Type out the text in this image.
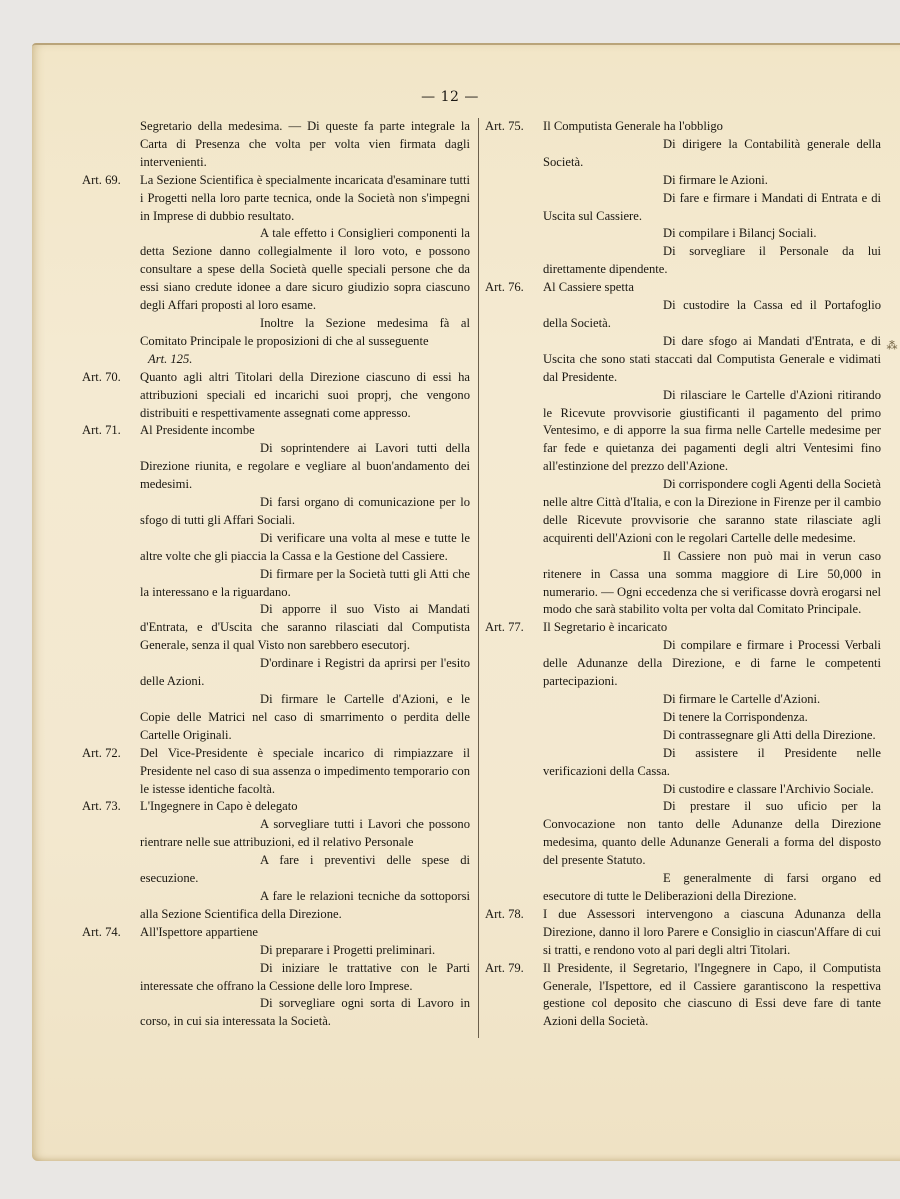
— 12 —
Segretario della medesima. — Di queste fa parte integrale la Carta di Presenza che volta per volta vien firmata dagli intervenienti.
Art. 69.	La Sezione Scientifica è specialmente incaricata d'esaminare tutti i Progetti nella loro parte tecnica, onde la Società non s'impegni in Imprese di dubbio resultato.
A tale effetto i Consiglieri componenti la detta Sezione danno collegialmente il loro voto, e possono consultare a spese della Società quelle speciali persone che da essi siano credute idonee a dare sicuro giudizio sopra ciascuno degli Affari proposti al loro esame.
Inoltre la Sezione medesima fà al Comitato Principale le proposizioni di che al susseguente
Art. 125.
Art. 70.	Quanto agli altri Titolari della Direzione ciascuno di essi ha attribuzioni speciali ed incarichi suoi proprj, che vengono distribuiti e respettivamente assegnati come appresso.
Art. 71.	Al Presidente incombe
Di soprintendere ai Lavori tutti della Direzione riunita, e regolare e vegliare al buon'andamento dei medesimi.
Di farsi organo di comunicazione per lo sfogo di tutti gli Affari Sociali.
Di verificare una volta al mese e tutte le altre volte che gli piaccia la Cassa e la Gestione del Cassiere.
Di firmare per la Società tutti gli Atti che la interessano e la riguardano.
Di apporre il suo Visto ai Mandati d'Entrata, e d'Uscita che saranno rilasciati dal Computista Generale, senza il qual Visto non sarebbero esecutorj.
D'ordinare i Registri da aprirsi per l'esito delle Azioni.
Di firmare le Cartelle d'Azioni, e le Copie delle Matrici nel caso di smarrimento o perdita delle Cartelle Originali.
Art. 72.	Del Vice-Presidente è speciale incarico di rimpiazzare il Presidente nel caso di sua assenza o impedimento temporario con le istesse identiche facoltà.
Art. 73.	L'Ingegnere in Capo è delegato
A sorvegliare tutti i Lavori che possono rientrare nelle sue attribuzioni, ed il relativo Personale
A fare i preventivi delle spese di esecuzione.
A fare le relazioni tecniche da sottoporsi alla Sezione Scientifica della Direzione.
Art. 74.	All'Ispettore appartiene
Di preparare i Progetti preliminari.
Di iniziare le trattative con le Parti interessate che offrano la Cessione delle loro Imprese.
Di sorvegliare ogni sorta di Lavoro in corso, in cui sia interessata la Società.
Art. 75.	Il Computista Generale ha l'obbligo
Di dirigere la Contabilità generale della Società.
Di firmare le Azioni.
Di fare e firmare i Mandati di Entrata e di Uscita sul Cassiere.
Di compilare i Bilancj Sociali.
Di sorvegliare il Personale da lui direttamente dipendente.
Art. 76.	Al Cassiere spetta
Di custodire la Cassa ed il Portafoglio della Società.
Di dare sfogo ai Mandati d'Entrata, e di Uscita che sono stati staccati dal Computista Generale e vidimati dal Presidente.
Di rilasciare le Cartelle d'Azioni ritirando le Ricevute provvisorie giustificanti il pagamento del primo Ventesimo, e di apporre la sua firma nelle Cartelle medesime per far fede e quietanza dei pagamenti degli altri Ventesimi fino all'estinzione del prezzo dell'Azione.
Di corrispondere cogli Agenti della Società nelle altre Città d'Italia, e con la Direzione in Firenze per il cambio delle Ricevute provvisorie che saranno state rilasciate agli acquirenti dell'Azioni con le regolari Cartelle delle medesime.
Il Cassiere non può mai in verun caso ritenere in Cassa una somma maggiore di Lire 50,000 in numerario. — Ogni eccedenza che si verificasse dovrà erogarsi nel modo che sarà stabilito volta per volta dal Comitato Principale.
Art. 77.	Il Segretario è incaricato
Di compilare e firmare i Processi Verbali delle Adunanze della Direzione, e di farne le competenti partecipazioni.
Di firmare le Cartelle d'Azioni.
Di tenere la Corrispondenza.
Di contrassegnare gli Atti della Direzione.
Di assistere il Presidente nelle verificazioni della Cassa.
Di custodire e classare l'Archivio Sociale.
Di prestare il suo uficio per la Convocazione non tanto delle Adunanze della Direzione medesima, quanto delle Adunanze Generali a forma del disposto del presente Statuto.
E generalmente di farsi organo ed esecutore di tutte le Deliberazioni della Direzione.
Art. 78.	I due Assessori intervengono a ciascuna Adunanza della Direzione, danno il loro Parere e Consiglio in ciascun'Affare di cui si tratti, e rendono voto al pari degli altri Titolari.
Art. 79.	Il Presidente, il Segretario, l'Ingegnere in Capo, il Computista Generale, l'Ispettore, ed il Cassiere garantiscono la respettiva gestione col deposito che ciascuno di Essi deve fare di tante Azioni della Società.
⁂
